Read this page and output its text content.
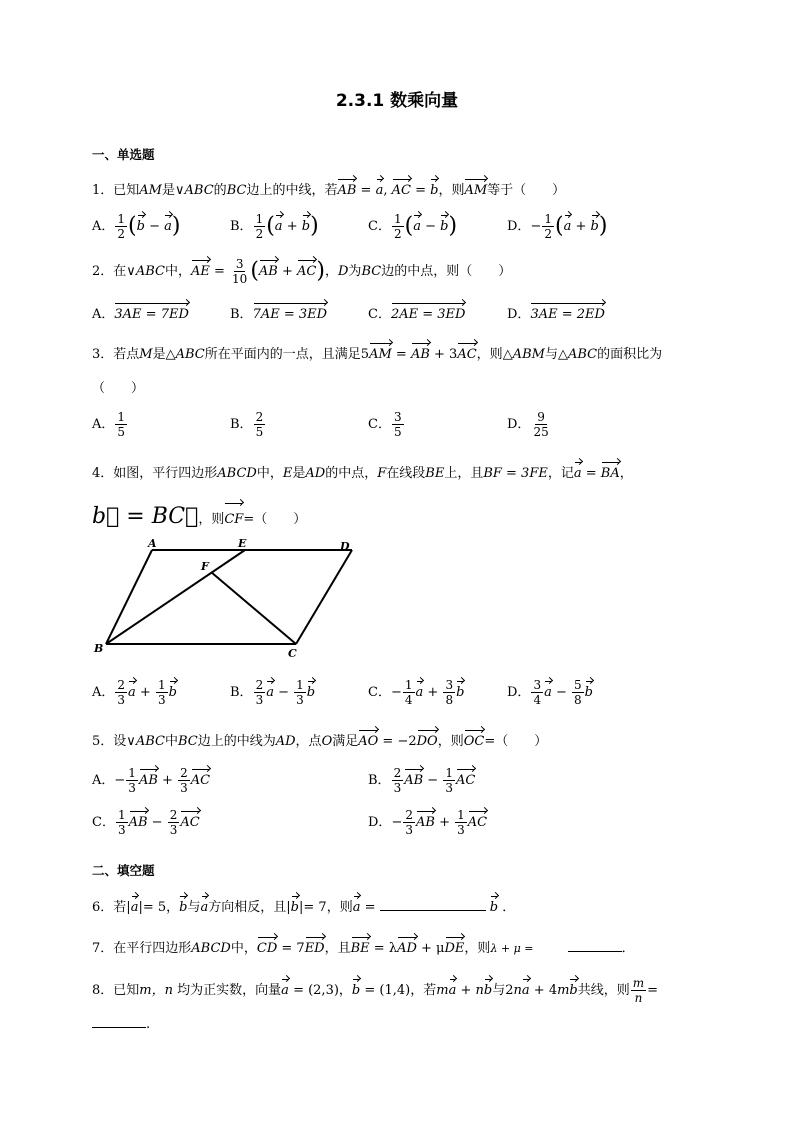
2.3.1 数乘向量
一、单选题
1．已知AM是∨ABC的BC边上的中线，若AB = a, AC = b，则AM等于（　　）
A． $\frac{1}{2} (b - a)$	B． $\frac{1}{2} (a + b)$	C． $\frac{1}{2} (a - b)$	D．− $\frac{1}{2} (a + b)$
2．在∨ABC中，AE = $\frac{3}{10} (AB + AC)$，D为BC边的中点，则（　　）
A．3AE = 7ED	B．7AE = 3ED	C．2AE = 3ED	D．3AE = 2ED
3．若点M是△ABC所在平面内的一点，且满足5AM = AB + 3AC，则△ABM与△ABC的面积比为
（　　）
A． $\frac{1}{5}$	B． $\frac{2}{5}$	C． $\frac{3}{5}$	D． $\frac{9}{25}$
4．如图，平行四边形ABCD中，E是AD的中点，F在线段BE上，且BF = 3FE，记a = BA，
b⃗ = BC⃗，则CF=（　　）
A	E	D
F
B	C
A． $\frac{2}{3}$ $a + \frac{1}{3}$ b	B． $\frac{2}{3}$ $a - \frac{1}{3}$ b	C．− $\frac{1}{4}$ $a + \frac{3}{8}$ b	D． $\frac{3}{4}$ $a - \frac{5}{8}$ b
5．设∨ABC中BC边上的中线为AD，点O满足AO = −2DO，则OC=（　　）
A．− $\frac{1}{3}$ AB + $\frac{2}{3}$ AC	B． $\frac{2}{3}$ AB − $\frac{1}{3}$ AC
C． $\frac{1}{3}$ AB − $\frac{2}{3}$ AC	D．− $\frac{2}{3}$ AB + $\frac{1}{3}$ AC
二、填空题
6．若|a|= 5，b与a方向相反，且|b|= 7，则a =	b ．
7．在平行四边形ABCD中，CD = 7ED，且BE = λAD + μDE，则λ + μ =	．
8．已知m，n 均为正实数，向量a = (2,3)，b = (1,4)，若ma + nb与2na + 4mb共线，则 $\frac{m}{n}$ =
.
